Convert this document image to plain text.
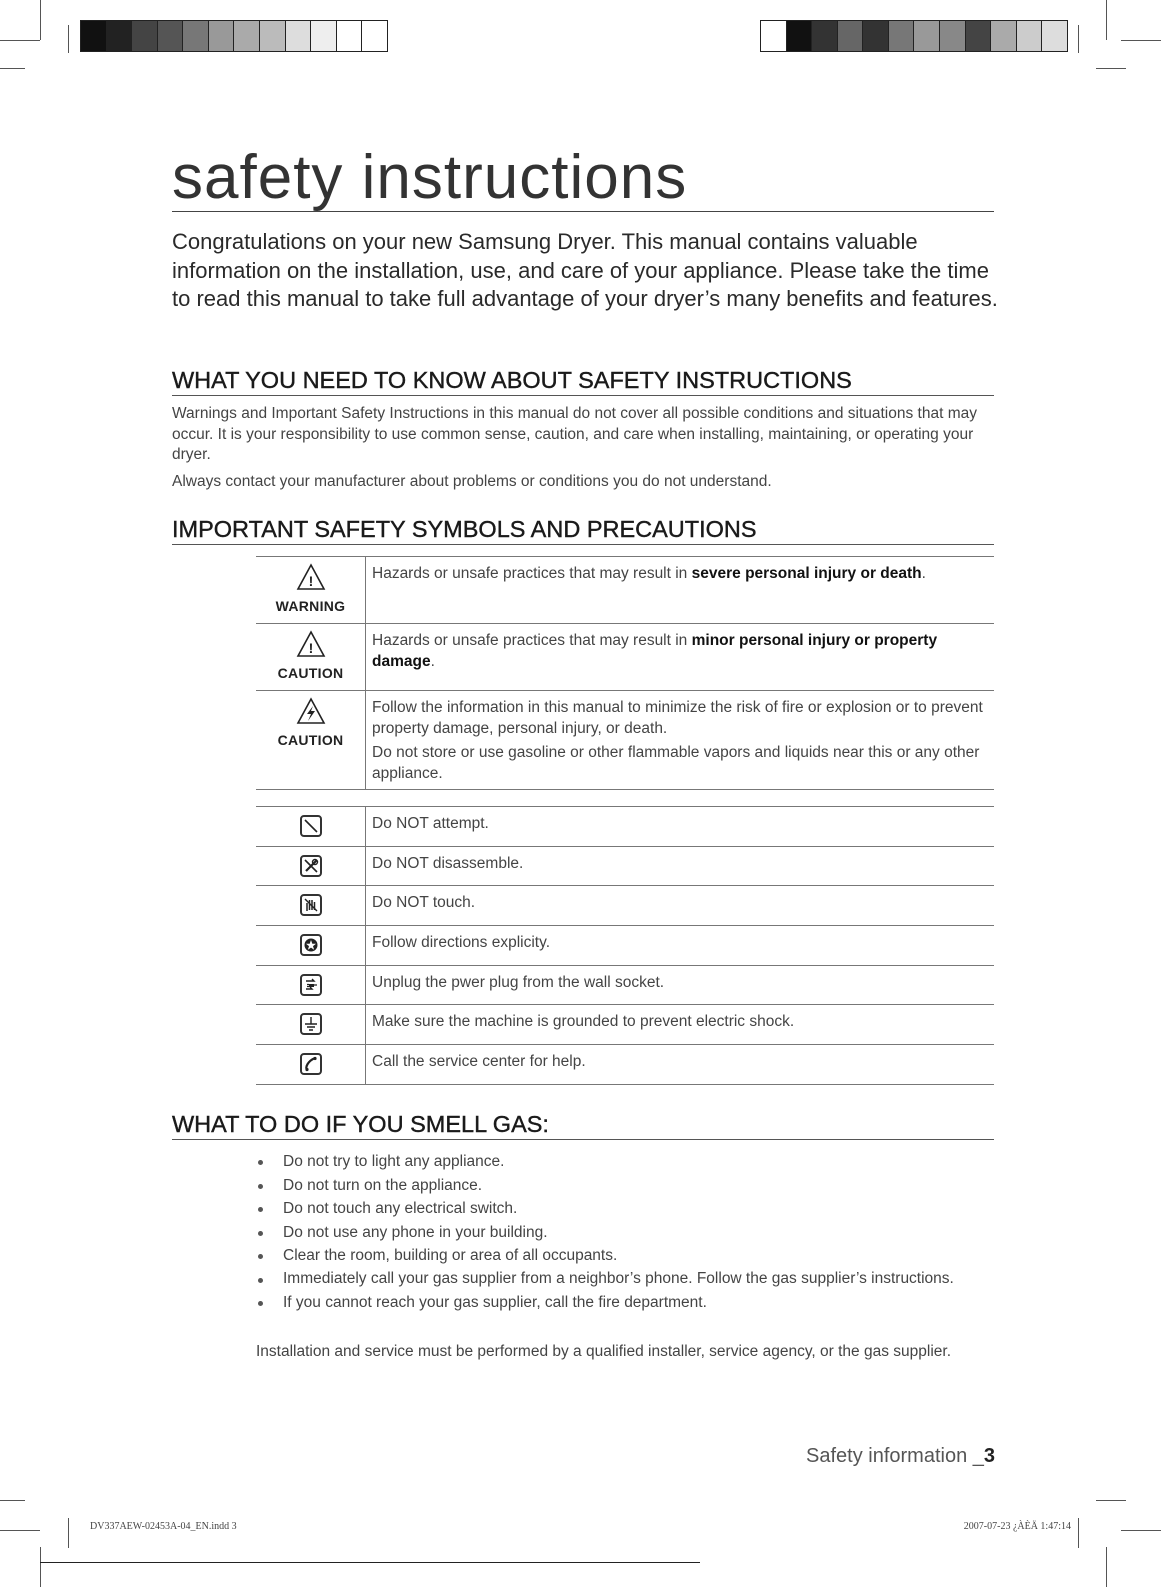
safety instructions
Congratulations on your new Samsung Dryer. This manual contains valuable information on the installation, use, and care of your appliance. Please take the time to read this manual to take full advantage of your dryer’s many benefits and features.
WHAT YOU NEED TO KNOW ABOUT SAFETY INSTRUCTIONS
Warnings and Important Safety Instructions in this manual do not cover all possible conditions and situations that may occur. It is your responsibility to use common sense, caution, and care when installing, maintaining, or operating your dryer.
Always contact your manufacturer about problems or conditions you do not understand.
IMPORTANT SAFETY SYMBOLS AND PRECAUTIONS
!
WARNING
Hazards or unsafe practices that may result in severe personal injury or death.
!
CAUTION
Hazards or unsafe practices that may result in minor personal injury or property damage.
CAUTION
Follow the information in this manual to minimize the risk of fire or explosion or to prevent property damage, personal injury, or death.
Do not store or use gasoline or other flammable vapors and liquids near this or any other appliance.
Do NOT attempt.
Do NOT disassemble.
Do NOT touch.
Follow directions explicity.
Unplug the pwer plug from the wall socket.
Make sure the machine is grounded to prevent electric shock.
Call the service center for help.
WHAT TO DO IF YOU SMELL GAS:
Do not try to light any appliance.
Do not turn on the appliance.
Do not touch any electrical switch.
Do not use any phone in your building.
Clear the room, building or area of all occupants.
Immediately call your gas supplier from a neighbor’s phone. Follow the gas supplier’s instructions.
If you cannot reach your gas supplier, call the fire department.
Installation and service must be performed by a qualified installer, service agency, or the gas supplier.
Safety information _3
DV337AEW-02453A-04_EN.indd 3	2007-07-23 ¿ÀÈÄ 1:47:14
